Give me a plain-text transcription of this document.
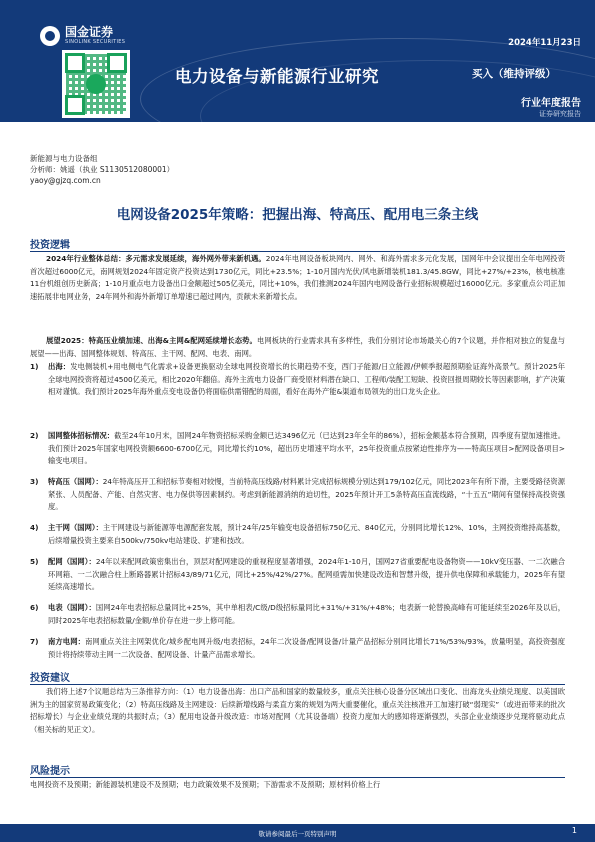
国金证券
SINOLINK SECURITIES	2024年11月23日
电力设备与新能源行业研究	买入（维持评级）
行业年度报告
证券研究报告
新能源与电力设备组
分析师：姚遥（执业 S1130512080001）
yaoy@gjzq.com.cn
电网设备2025年策略：把握出海、特高压、配用电三条主线
投资逻辑
2024年行业整体总结：多元需求发展延续，海外网外带来新机遇。2024年电网设备板块网内、网外、和海外需求多元化发展，国网年中会议提出全年电网投资首次超过6000亿元，南网规划2024年固定资产投资达到1730亿元，同比+23.5%；1-10月国内光伏/风电新增装机181.3/45.8GW，同比+27%/+23%，核电核准11台机组创历史新高；1-10月重点电力设备出口金额超过505亿美元，同比+10%，我们推测2024年国内电网设备行业招标规模超过16000亿元。多家重点公司正加速拓展非电网业务，24年网外和海外新增订单增速已超过网内，贡献未来新增长点。
展望2025：特高压业绩加速、出海&主网&配网延续增长态势。电网板块的行业需求具有多样性，我们分别讨论市场最关心的7个议题，并作相对独立的复盘与展望——出海、国网整体规划、特高压、主干网、配网、电表、南网。
1)	出海：发电侧装机+用电侧电气化需求+设备更换驱动全球电网投资增长的长期趋势不变，西门子能源/日立能源/伊顿季报超预期验证海外高景气。预计2025年全球电网投资将超过4500亿美元，相比2020年翻倍。海外主流电力设备厂商受原材料潜在缺口、工程师/装配工短缺、投资回报周期较长等因素影响，扩产决策相对谨慎。我们预计2025年海外重点变电设备仍将面临供需错配的局面，看好在海外产能&渠道布局领先的出口龙头企业。
2)	国网整体招标情况：截至24年10月末，国网24年物资招标采购金额已达3496亿元（已达到23年全年的86%），招标金额基本符合预期，四季度有望加速推进。我们预计2025年国家电网投资额6600-6700亿元，同比增长约10%，超出历史增速平均水平，25年投资重点按紧迫性排序为——特高压项目>配网设备项目>输变电项目。
3)	特高压（国网）：24年特高压开工和招标节奏相对较慢，当前特高压线路/材料累计完成招标规模分别达到179/102亿元，同比2023年有所下滑，主要受路径资源紧张、人员配备、产能、自然灾害、电力保供等因素制约。考虑到新能源消纳的迫切性，2025年预计开工5条特高压直流线路，“十五五”期间有望保持高投资强度。
4)	主干网（国网）：主干网建设与新能源等电源配套发展，预计24年/25年输变电设备招标750亿元、840亿元，分别同比增长12%、10%，主网投资维持高基数，后续增量投资主要来自500kv/750kv电站建设、扩建和技改。
5)	配网（国网）：24年以来配网政策密集出台，顶层对配网建设的重视程度显著增强，2024年1-10月，国网27省重要配电设备物资——10kV变压器、一二次融合环网箱、一二次融合柱上断路器累计招标43/89/71亿元，同比+25%/42%/27%。配网亟需加快建设改造和智慧升级，提升供电保障和承载能力，2025年有望延续高速增长。
6)	电表（国网）：国网24年电表招标总量同比+25%，其中单相表/C级/D级招标量同比+31%/+31%/+48%；电表新一轮替换高峰有可能延续至2026年及以后，同时2025年电表招标数量/金额/单价存在进一步上修可能。
7)	南方电网：南网重点关注主网架优化/城乡配电网升级/电表招标，24年二次设备/配网设备/计量产品招标分别同比增长71%/53%/93%，放量明显，高投资强度预计将持续带动主网一二次设备、配网设备、计量产品需求增长。
投资建议
我们将上述7个议题总结为三条推荐方向：（1）电力设备出海：出口产品和国家的数量较多，重点关注核心设备分区域出口变化、出海龙头业绩兑现度、以美国欧洲为主的国家贸易政策变化；（2）特高压线路及主网建设：后续新增线路与柔直方案的规划为两大重要催化，重点关注核准开工加速打破“弱现实”（或进而带来的批次招标增长）与企业业绩兑现的共振时点；（3）配用电设备升级改造：市场对配网（尤其设备端）投资力度加大的感知将逐渐强烈，头部企业业绩逐步兑现将驱动此点（相关标的见正文）。
风险提示
电网投资不及预期；新能源装机建设不及预期；电力政策效果不及预期；下游需求不及预期；原材料价格上行
敬请参阅最后一页特别声明	1
